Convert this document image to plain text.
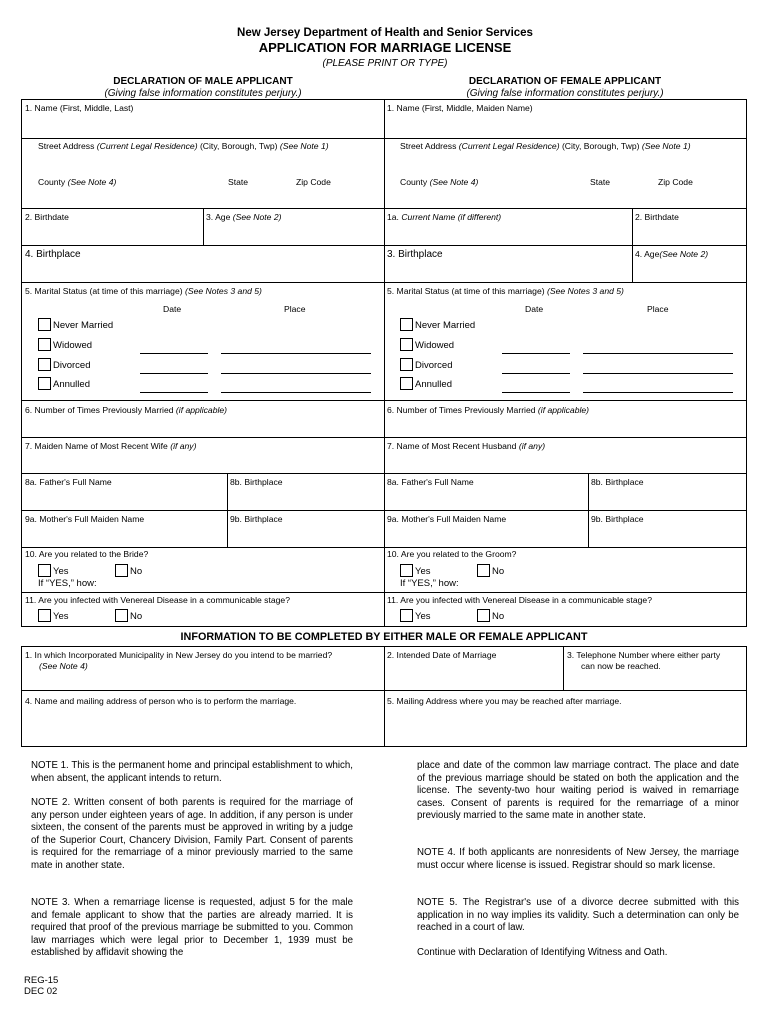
New Jersey Department of Health and Senior Services
APPLICATION FOR MARRIAGE LICENSE
(PLEASE PRINT OR TYPE)
DECLARATION OF MALE APPLICANT
(Giving false information constitutes perjury.)
DECLARATION OF FEMALE APPLICANT
(Giving false information constitutes perjury.)
1. Name (First, Middle, Last)
Street Address (Current Legal Residence) (City, Borough, Twp) (See Note 1)
County (See Note 4)	State	Zip Code
2. Birthdate	3. Age (See Note 2)
4. Birthplace
5. Marital Status (at time of this marriage) (See Notes 3 and 5)
Date	Place
Never Married
Widowed
Divorced
Annulled
6. Number of Times Previously Married (if applicable)
7. Maiden Name of Most Recent Wife (if any)
8a. Father's Full Name	8b. Birthplace
9a. Mother's Full Maiden Name	9b. Birthplace
10. Are you related to the Bride?
Yes	No
If “YES,” how:
11. Are you infected with Venereal Disease in a communicable stage?
Yes	No
1. Name (First, Middle, Maiden Name)
Street Address (Current Legal Residence) (City, Borough, Twp) (See Note 1)
County (See Note 4)	State	Zip Code
1a. Current Name (if different)	2. Birthdate
3. Birthplace	4. Age(See Note 2)
5. Marital Status (at time of this marriage) (See Notes 3 and 5)
Date	Place
Never Married
Widowed
Divorced
Annulled
6. Number of Times Previously Married (if applicable)
7. Name of Most Recent Husband (if any)
8a. Father's Full Name	8b. Birthplace
9a. Mother's Full Maiden Name	9b. Birthplace
10. Are you related to the Groom?
Yes	No
If “YES,” how:
11. Are you infected with Venereal Disease in a communicable stage?
Yes	No
INFORMATION TO BE COMPLETED BY EITHER MALE OR FEMALE APPLICANT
1. In which Incorporated Municipality in New Jersey do you intend to be married?
(See Note 4)
2. Intended Date of Marriage	3. Telephone Number where either party
can now be reached.
4. Name and mailing address of person who is to perform the marriage.	5. Mailing Address where you may be reached after marriage.
NOTE 1. This is the permanent home and principal establishment to which, when absent, the applicant intends to return.
NOTE 2. Written consent of both parents is required for the marriage of any person under eighteen years of age. In addition, if any person is under sixteen, the consent of the parents must be approved in writing by a judge of the Superior Court, Chancery Division, Family Part. Consent of parents is required for the remarriage of a minor previously married to the same mate in another state.
NOTE 3. When a remarriage license is requested, adjust 5 for the male and female applicant to show that the parties are already married. It is required that proof of the previous marriage be submitted to you. Common law marriages which were legal prior to December 1, 1939 must be established by affidavit showing the
place and date of the common law marriage contract. The place and date of the previous marriage should be stated on both the application and the license. The seventy-two hour waiting period is waived in remarriage cases. Consent of parents is required for the remarriage of a minor previously married to the same mate in another state.
NOTE 4. If both applicants are nonresidents of New Jersey, the marriage must occur where license is issued. Registrar should so mark license.
NOTE 5. The Registrar's use of a divorce decree submitted with this application in no way implies its validity. Such a determination can only be reached in a court of law.
Continue with Declaration of Identifying Witness and Oath.
REG-15
DEC 02
